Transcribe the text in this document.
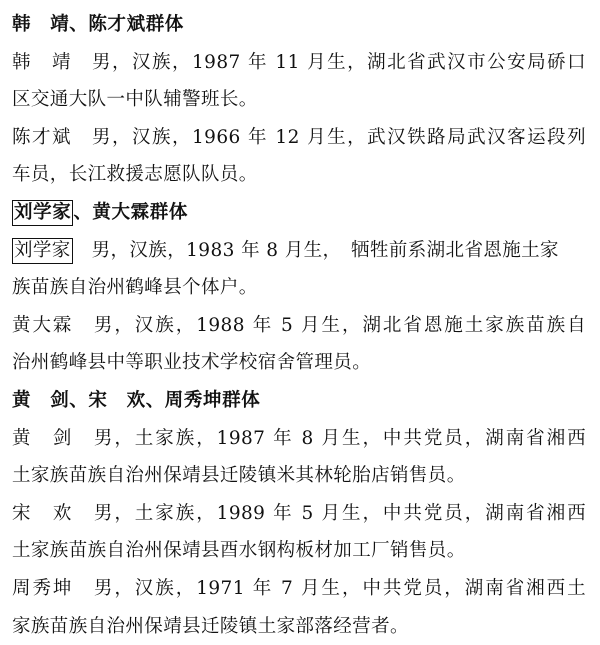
韩　靖、陈才斌群体
韩　靖　男，汉族，1987 年 11 月生，湖北省武汉市公安局硚口
区交通大队一中队辅警班长。
陈才斌　男，汉族，1966 年 12 月生，武汉铁路局武汉客运段列
车员，长江救援志愿队队员。
刘学家 、黄大霖群体
刘学家　男，汉族，1983 年 8 月生，　牺牲前系湖北省恩施土家
族苗族自治州鹤峰县个体户。
黄大霖　男，汉族，1988 年 5 月生，湖北省恩施土家族苗族自
治州鹤峰县中等职业技术学校宿舍管理员。
黄　剑、宋　欢、周秀坤群体
黄　剑　男，土家族，1987 年 8 月生，中共党员，湖南省湘西
土家族苗族自治州保靖县迁陵镇米其林轮胎店销售员。
宋　欢　男，土家族，1989 年 5 月生，中共党员，湖南省湘西
土家族苗族自治州保靖县酉水钢构板材加工厂销售员。
周秀坤　男，汉族，1971 年 7 月生，中共党员，湖南省湘西土
家族苗族自治州保靖县迁陵镇土家部落经营者。
